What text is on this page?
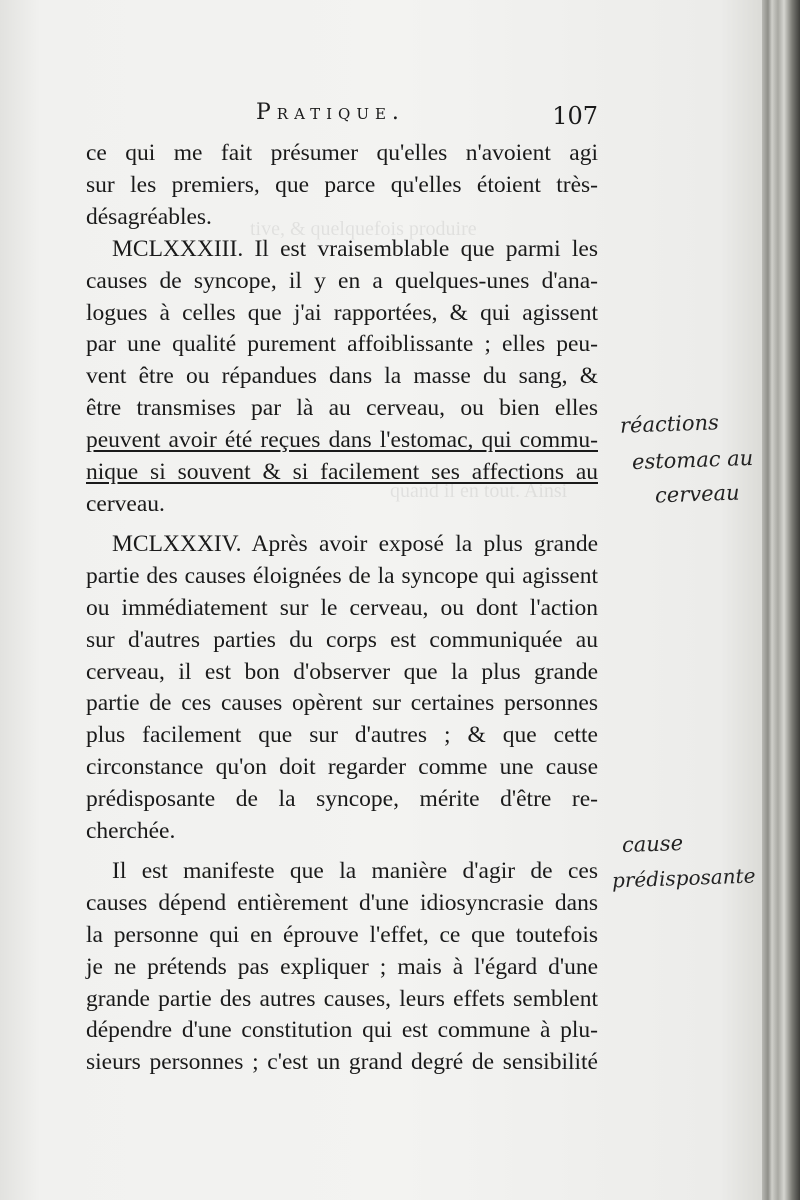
tive, & quelquefois produire
quand il en tout. Ainsi
Pratique.	107

ce qui me fait présumer qu'elles n'avoient agi
sur les premiers, que parce qu'elles étoient très-
désagréables.

MCLXXXIII. Il est vraisemblable que parmi les
causes de syncope, il y en a quelques-unes d'ana-
logues à celles que j'ai rapportées, & qui agissent
par une qualité purement affoiblissante ; elles peu-
vent être ou répandues dans la masse du sang, &
être transmises par là au cerveau, ou bien elles
peuvent avoir été reçues dans l'estomac, qui commu-
nique si souvent & si facilement ses affections au
cerveau.

MCLXXXIV. Après avoir exposé la plus grande
partie des causes éloignées de la syncope qui agissent
ou immédiatement sur le cerveau, ou dont l'action
sur d'autres parties du corps est communiquée au
cerveau, il est bon d'observer que la plus grande
partie de ces causes opèrent sur certaines personnes
plus facilement que sur d'autres ; & que cette
circonstance qu'on doit regarder comme une cause
prédisposante de la syncope, mérite d'être re-
cherchée.

Il est manifeste que la manière d'agir de ces
causes dépend entièrement d'une idiosyncrasie dans
la personne qui en éprouve l'effet, ce que toutefois
je ne prétends pas expliquer ; mais à l'égard d'une
grande partie des autres causes, leurs effets semblent
dépendre d'une constitution qui est commune à plu-
sieurs personnes ; c'est un grand degré de sensibilité

réactions
estomac au
cerveau
cause
prédisposante
